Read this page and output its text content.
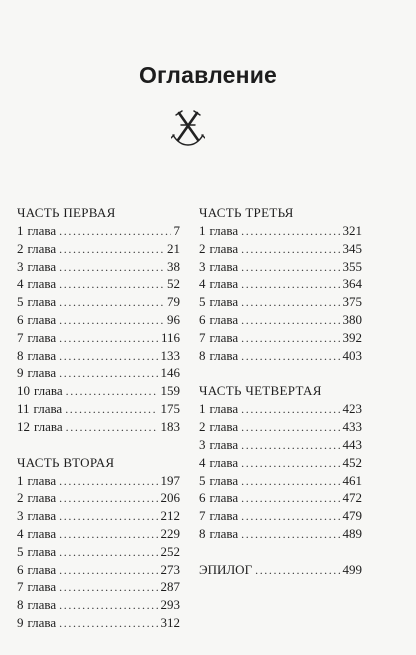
Оглавление
ЧАСТЬ ПЕРВАЯ
1 глава .....	7
2 глава .....	21
3 глава .....	38
4 глава .....	52
5 глава .....	79
6 глава .....	96
7 глава .....	116
8 глава .....	133
9 глава .....	146
10 глава .....	159
11 глава .....	175
12 глава .....	183
ЧАСТЬ ВТОРАЯ
1 глава .....	197
2 глава .....	206
3 глава .....	212
4 глава .....	229
5 глава .....	252
6 глава .....	273
7 глава .....	287
8 глава .....	293
9 глава .....	312
ЧАСТЬ ТРЕТЬЯ
1 глава .....	321
2 глава .....	345
3 глава .....	355
4 глава .....	364
5 глава .....	375
6 глава .....	380
7 глава .....	392
8 глава .....	403
ЧАСТЬ ЧЕТВЕРТАЯ
1 глава .....	423
2 глава .....	433
3 глава .....	443
4 глава .....	452
5 глава .....	461
6 глава .....	472
7 глава .....	479
8 глава .....	489
ЭПИЛОГ .....	499
